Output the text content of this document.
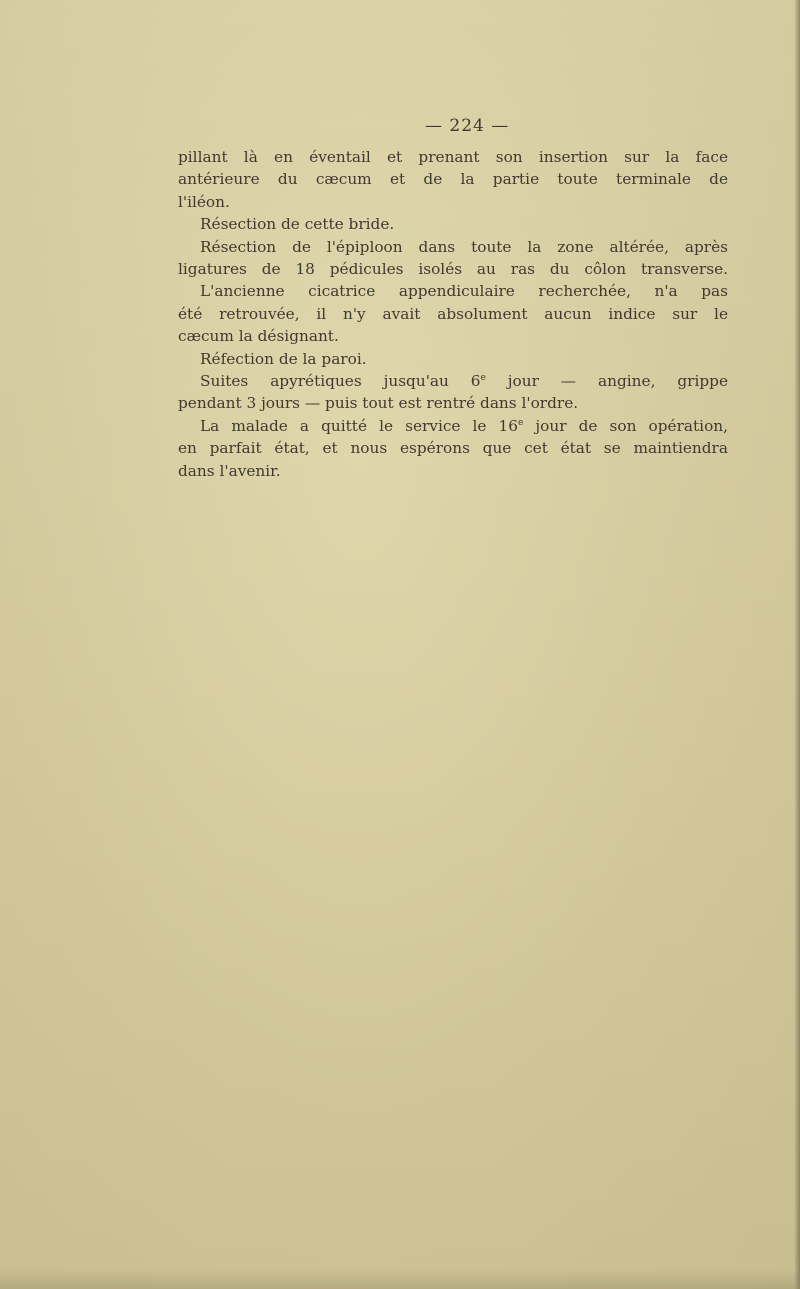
— 224 —
pillant là en éventail et prenant son insertion sur la face
antérieure du cæcum et de la partie toute terminale de
l'iléon.
Résection de cette bride.
Résection de l'épiploon dans toute la zone altérée, après
ligatures de 18 pédicules isolés au ras du côlon transverse.
L'ancienne cicatrice appendiculaire recherchée, n'a pas
été retrouvée, il n'y avait absolument aucun indice sur le
cæcum la désignant.
Réfection de la paroi.
Suites apyrétiques jusqu'au 6e jour — angine, grippe
pendant 3 jours — puis tout est rentré dans l'ordre.
La malade a quitté le service le 16e jour de son opération,
en parfait état, et nous espérons que cet état se maintiendra
dans l'avenir.
